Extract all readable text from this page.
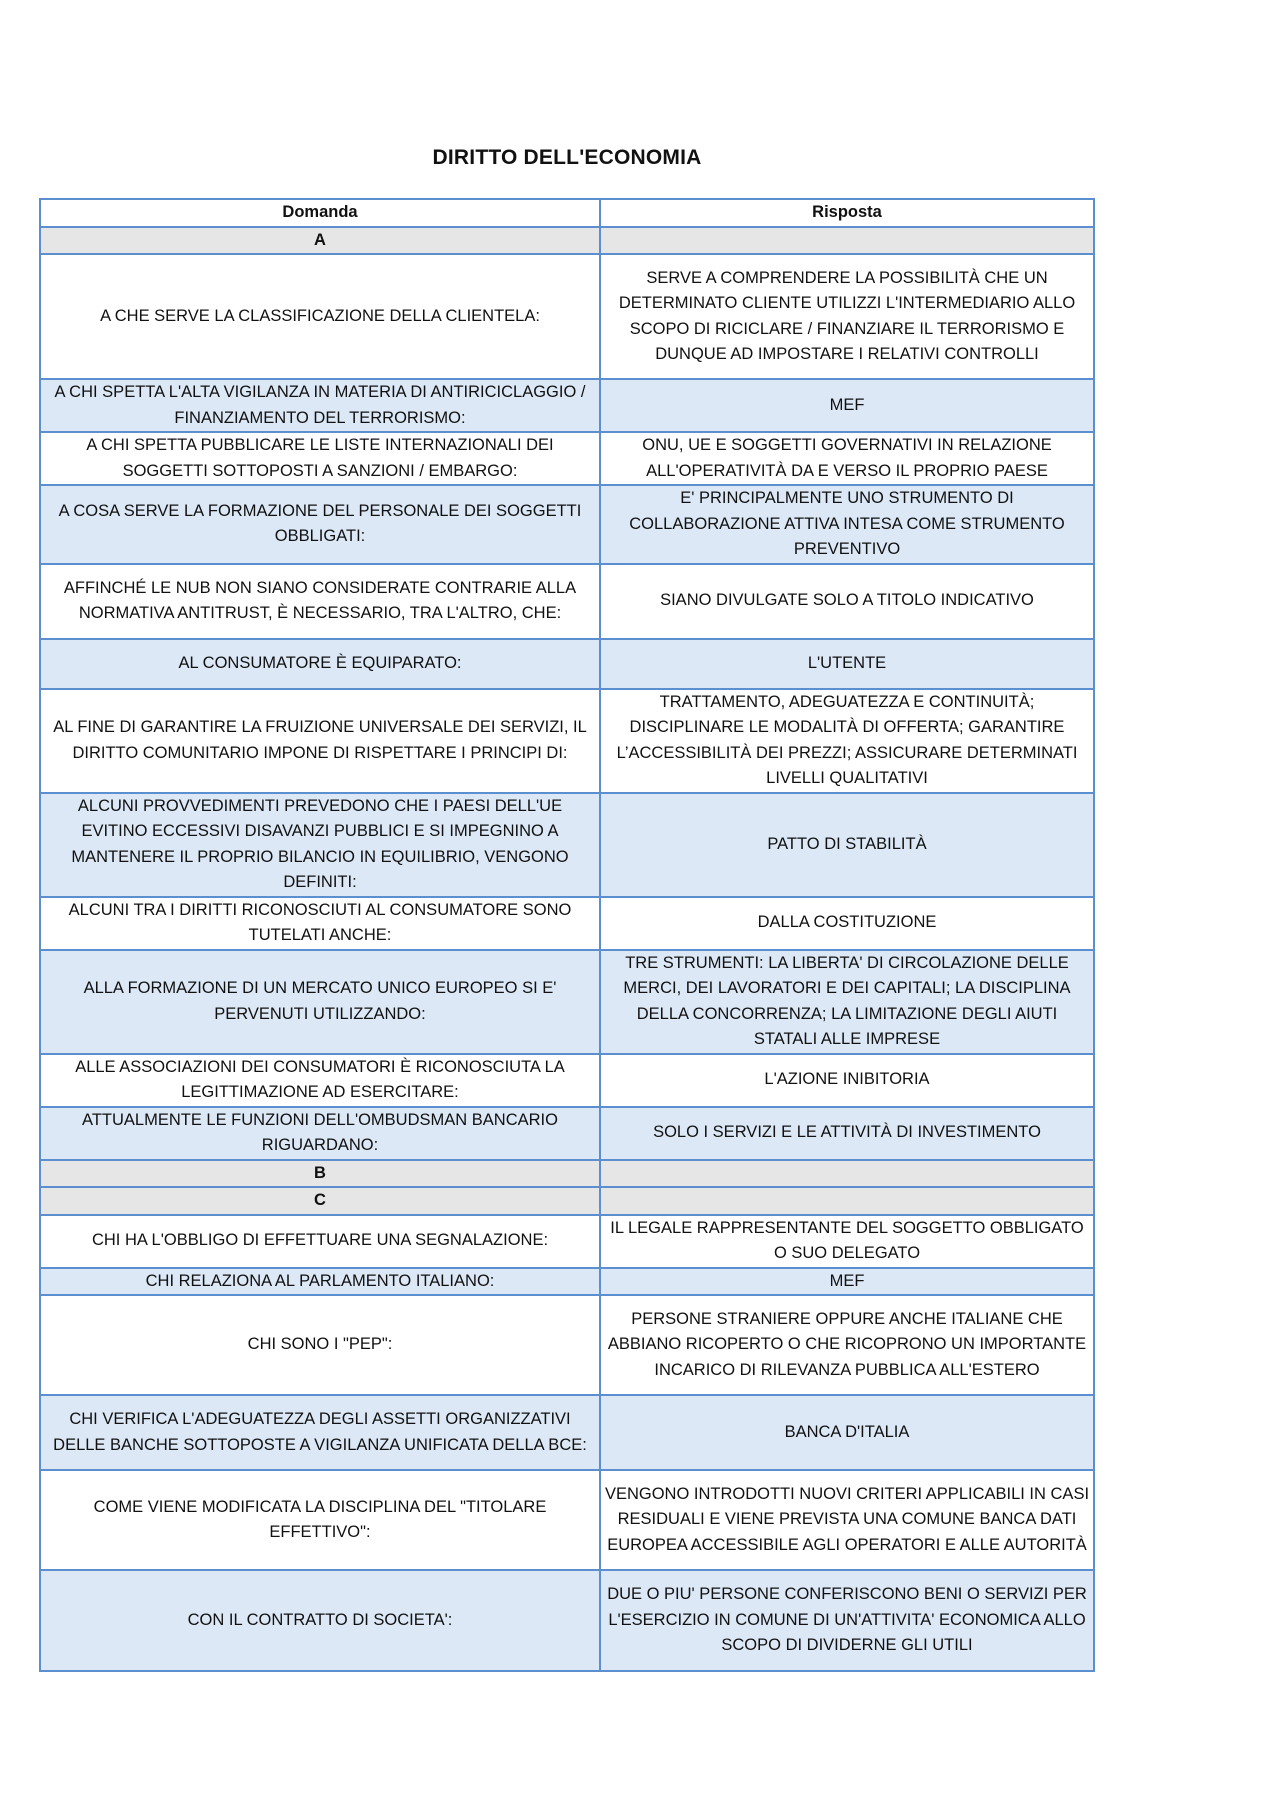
DIRITTO DELL'ECONOMIA
Domanda	Risposta
A	
A CHE SERVE LA CLASSIFICAZIONE DELLA CLIENTELA:	SERVE A COMPRENDERE LA POSSIBILITÀ CHE UN DETERMINATO CLIENTE UTILIZZI L'INTERMEDIARIO ALLO SCOPO DI RICICLARE / FINANZIARE IL TERRORISMO E DUNQUE AD IMPOSTARE I RELATIVI CONTROLLI
A CHI SPETTA L'ALTA VIGILANZA IN MATERIA DI ANTIRICICLAGGIO / FINANZIAMENTO DEL TERRORISMO:	MEF
A CHI SPETTA PUBBLICARE LE LISTE INTERNAZIONALI DEI SOGGETTI SOTTOPOSTI A SANZIONI / EMBARGO:	ONU, UE E SOGGETTI GOVERNATIVI IN RELAZIONE ALL'OPERATIVITÀ DA E VERSO IL PROPRIO PAESE
A COSA SERVE LA FORMAZIONE DEL PERSONALE DEI SOGGETTI OBBLIGATI:	E' PRINCIPALMENTE UNO STRUMENTO DI COLLABORAZIONE ATTIVA INTESA COME STRUMENTO PREVENTIVO
AFFINCHÉ LE NUB NON SIANO CONSIDERATE CONTRARIE ALLA NORMATIVA ANTITRUST, È NECESSARIO, TRA L'ALTRO, CHE:	SIANO DIVULGATE SOLO A TITOLO INDICATIVO
AL CONSUMATORE È EQUIPARATO:	L'UTENTE
AL FINE DI GARANTIRE LA FRUIZIONE UNIVERSALE DEI SERVIZI, IL DIRITTO COMUNITARIO IMPONE DI RISPETTARE I PRINCIPI DI:	TRATTAMENTO, ADEGUATEZZA E CONTINUITÀ; DISCIPLINARE LE MODALITÀ DI OFFERTA; GARANTIRE L’ACCESSIBILITÀ DEI PREZZI; ASSICURARE DETERMINATI LIVELLI QUALITATIVI
ALCUNI PROVVEDIMENTI PREVEDONO CHE I PAESI DELL'UE EVITINO ECCESSIVI DISAVANZI PUBBLICI E SI IMPEGNINO A MANTENERE IL PROPRIO BILANCIO IN EQUILIBRIO, VENGONO DEFINITI:	PATTO DI STABILITÀ
ALCUNI TRA I DIRITTI RICONOSCIUTI AL CONSUMATORE SONO TUTELATI ANCHE:	DALLA COSTITUZIONE
ALLA FORMAZIONE DI UN MERCATO UNICO EUROPEO SI E' PERVENUTI UTILIZZANDO:	TRE STRUMENTI: LA LIBERTA' DI CIRCOLAZIONE DELLE MERCI, DEI LAVORATORI E DEI CAPITALI; LA DISCIPLINA DELLA CONCORRENZA; LA LIMITAZIONE DEGLI AIUTI STATALI ALLE IMPRESE
ALLE ASSOCIAZIONI DEI CONSUMATORI È RICONOSCIUTA LA LEGITTIMAZIONE AD ESERCITARE:	L'AZIONE INIBITORIA
ATTUALMENTE LE FUNZIONI DELL'OMBUDSMAN BANCARIO RIGUARDANO:	SOLO I SERVIZI E LE ATTIVITÀ DI INVESTIMENTO
B	
C	
CHI HA L'OBBLIGO DI EFFETTUARE UNA SEGNALAZIONE:	IL LEGALE RAPPRESENTANTE DEL SOGGETTO OBBLIGATO O SUO DELEGATO
CHI RELAZIONA AL PARLAMENTO ITALIANO:	MEF
CHI SONO I "PEP":	PERSONE STRANIERE OPPURE ANCHE ITALIANE CHE ABBIANO RICOPERTO O CHE RICOPRONO UN IMPORTANTE INCARICO DI RILEVANZA PUBBLICA ALL'ESTERO
CHI VERIFICA L'ADEGUATEZZA DEGLI ASSETTI ORGANIZZATIVI DELLE BANCHE SOTTOPOSTE A VIGILANZA UNIFICATA DELLA BCE:	BANCA D'ITALIA
COME VIENE MODIFICATA LA DISCIPLINA DEL "TITOLARE EFFETTIVO":	VENGONO INTRODOTTI NUOVI CRITERI APPLICABILI IN CASI RESIDUALI E VIENE PREVISTA UNA COMUNE BANCA DATI EUROPEA ACCESSIBILE AGLI OPERATORI E ALLE AUTORITÀ
CON IL CONTRATTO DI SOCIETA':	DUE O PIU' PERSONE CONFERISCONO BENI O SERVIZI PER L'ESERCIZIO IN COMUNE DI UN'ATTIVITA' ECONOMICA ALLO SCOPO DI DIVIDERNE GLI UTILI
